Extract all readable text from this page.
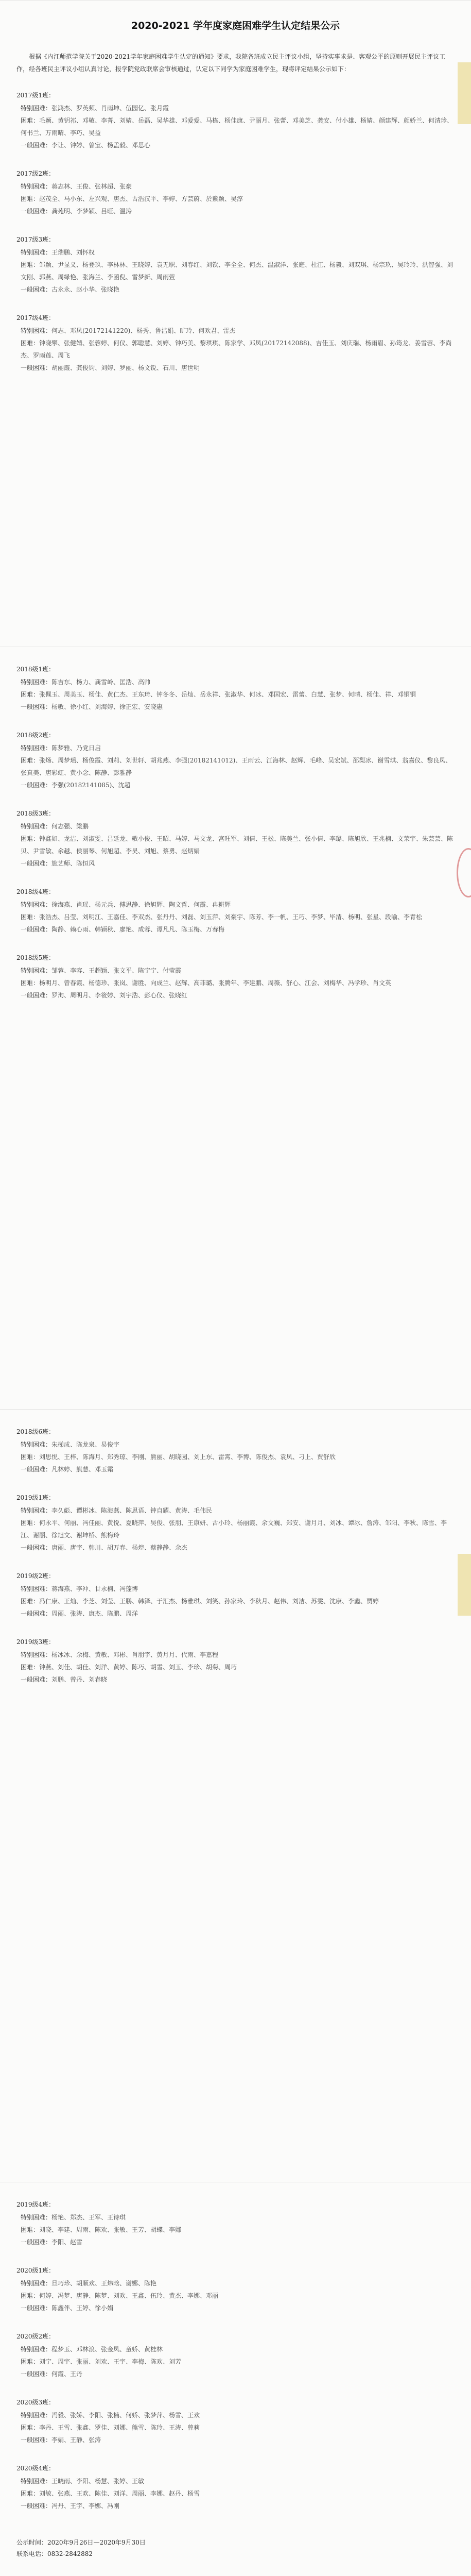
2020-2021 学年度家庭困难学生认定结果公示

根据《内江师范学院关于2020-2021学年家庭困难学生认定的通知》要求，我院各班成立民主评议小组，坚持实事求是、客观公平的原则开展民主评议工作，经各班民主评议小组认真讨论，报学院党政联席会审核通过，认定以下同学为家庭困难学生，现将评定结果公示如下：

2017级1班：
特别困难：张鸿杰、罗英频、肖雨坤、伍园亿、张月霞
困难：毛颖、黄钥祁、邓敬、李菁、刘婧、岳磊、吴华雄、邓爱爱、马栋、杨佳康、尹丽月、张蕾、邓美芝、龚安、付小雄、杨婧、颜建辉、颜娇兰、何清珍、何书兰、万雨晴、李巧、吴益
一般困难：李让、钟婷、曾宝、杨孟毅、邓思心
2017级2班：
特别困难：蒋志林、王俊、张林超、张豪
困难：赵茂全、马小东、左兴观、唐杰、古浩汉平、李婷、方芸蔚、於紫颖、吴淳
一般困难：龚苑明、李梦颖、吕旺、温涛
2017级3班：
特别困难：王瑞鹏、刘怀权
困难：邹颖、尹显义、杨登玖、李林林、王晓婷、袁无职、刘春红、刘钦、李全全、何杰、温淑洋、张庭、杜江、杨毅、刘双琪、杨宗玖、吴玲玲、洪智强、刘文刚、郭燕、周绿艳、张海兰、李函倪、雷梦新、周雨萱
一般困难：古永永、赵小华、张晓艳
2017级4班：
特别困难：何志、邓凤(20172141220)、杨秀、鲁洁娟、旷玲、何欢君、雷杰
困难：钟晓攀、张健婧、张蓉婷、何仪、郭聪慧、刘婷、钟巧美、黎琪琪、陈家学、邓凤(20172142088)、吉佳玉、刘庆瑞、杨雨眉、孙筠龙、姜雪蓉、李尚杰、罗雨莲、周飞
一般困难：胡丽霞、龚俊钧、刘婷、罗丽、杨文锐、石川、唐世明
2018级1班：
特别困难：陈吉东、杨力、龚雪岭、匡浩、高帅
困难：张佩玉、周美玉、杨佳、黄仁杰、王东琦、钟冬冬、岳灿、岳永祥、张淑华、何冰、邓国宏、雷蕾、白慧、张梦、何晴、杨佳、祥、邓铜铜
一般困难：杨敏、徐小红、刘海婷、徐正宏、安晓惠
2018级2班：
特别困难：陈梦雅、乃党日启
困难：张炀、周梦瑶、杨俊霞、刘莉、刘世轩、胡兆燕、李强(20182141012)、王雨云、江海林、赵辉、毛峰、吴宏斌、邵梨冰、谢雪琪、翁嘉仪、黎良凤、张真美、唐彩虹、黄小念、陈静、彭雅静
一般困难：李强(20182141085)、沈超
2018级3班：
特别困难：何志强、梁鹏
困难：钟鑫如、龙洁、刘淑雯、吕延龙、敬小俊、王昭、马婷、马文龙、宫旺军、刘倩、王松、陈美兰、张小倩、李璐、陈旭欣、王兆楠、文荣宇、朱芸芸、陈贝、尹雪敏、余越、侯丽琴、何旭超、李昊、刘旭、蔡勇、赵炳娟
一般困难：施艺师、陈恒风
2018级4班：
特别困难：徐海燕、肖瑶、杨元兵、傅思静、徐旭辉、陶文哲、何霞、冉耕辉
困难：张浩杰、吕莹、刘明江、王嘉佳、李双杰、张丹丹、刘磊、刘玉萍、刘豪宇、陈芳、李一帆、王巧、李梦、毕清、杨明、张星、段喻、李青松
一般困难：陶静、赖心雨、韩颖秋、廖艳、成蓉、谭凡凡、陈玉梅、万春梅
2018级5班：
特别困难：邹蓉、李容、王超颖、张文平、陈宁宁、付莹霞
困难：杨明月、曾春霞、杨德珍、张岚、谢胜、向成兰、赵辉、高菲璐、张腾年、李建鹏、周薇、舒心、江会、刘梅华、冯学珍、肖文英
一般困难：罗洵、周明月、李筱婷、刘宇浩、彭心仪、张晓红
2018级6班：
特别困难：朱梯成、陈龙泉、易俊宇
困难：刘思悦、王梓、陈海月、郑秀琼、李刚、熊丽、胡晓园、刘上东、雷霄、李博、陈俊杰、袁凤、刁上、贾舒欣
一般困难：凡林婷、熊慧、邓玉霜
2019级1班：
特别困难：李久彪、谭彬冰、陈海燕、陈思语、钟自耀、黄涛、毛伟民
困难：何永平、何丽、冯佳丽、黄悦、夏晓萍、吴俊、张朋、王康妍、古小玲、杨丽霞、余文巍、郑安、谢月月、刘冰、谭冰、詹涛、邹阳、李秋、陈雪、李江、谢丽、徐旭文、谢坤桥、熊梅玲
一般困难：唐丽、唐宇、韩川、胡万春、杨煌、蔡静静、余杰
2019级2班：
特别困难：蒋海燕、李冲、甘永楠、冯蓬博
困难：冯仁康、王灿、李芝、刘莹、王鹏、韩泽、于汇杰、杨雅琪、刘笑、孙家玲、李秋月、赵伟、刘洁、苏雯、沈康、李鑫、贾婷
一般困难：周丽、张涛、康杰、陈鹏、周洋
2019级3班：
特别困难：杨冰冰、余梅、黄敏、邓彬、肖朋宇、黄月月、代雨、李嘉程
困难：钟燕、刘佳、胡佳、刘洋、黄婷、陈巧、胡雪、刘玉、李珍、胡菊、周巧
一般困难：刘鹏、曾丹、刘春晓
2019级4班：
特别困难：杨艳、郑杰、王军、王诗琪
困难：刘晓、李建、周雨、陈欢、张敏、王芳、胡蝶、李娜
一般困难：李阳、赵雪
2020级1班：
特别困难：旦巧珍、胡顺欢、王炜晗、谢娜、陈艳
困难：何婷、冯梦、唐静、陈梦、刘欢、王鑫、伍玲、黄杰、李娜、邓丽
一般困难：陈鑫伴、王婷、徐小娟
2020级2班：
特别困难：程梦玉、邓林浪、张金凤、童娇、黄桂林
困难：刘宁、周宇、张丽、刘欢、王宇、李梅、陈欢、刘芳
一般困难：何霞、王丹
2020级3班：
特别困难：冯毅、张娇、李阳、张楠、何娇、张梦萍、杨雪、王欢
困难：李丹、王雪、张鑫、罗佳、刘娜、熊雪、陈玲、王涛、曾莉
一般困难：李娟、王静、张涛
2020级4班：
特别困难：王晓雨、李阳、杨慧、张婷、王敏
困难：刘敏、张燕、王欢、陈佳、刘洋、周丽、李娜、赵丹、杨雪
一般困难：冯丹、王宇、李娜、冯刚
公示时间：2020年9月26日—2020年9月30日
联系电话：0832-2842882
